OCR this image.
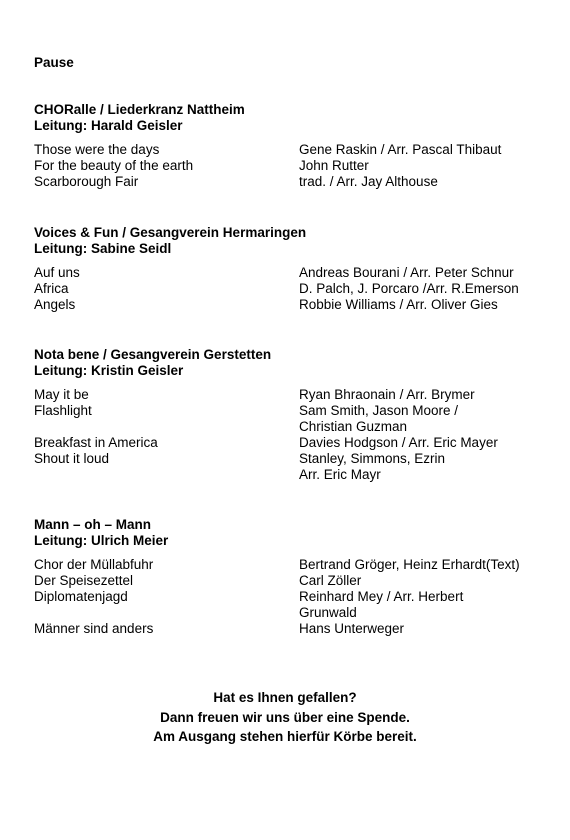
Pause
CHORalle / Liederkranz Nattheim
Leitung: Harald Geisler
Those were the days	Gene Raskin / Arr. Pascal Thibaut
For the beauty of the earth	John Rutter
Scarborough Fair	trad. / Arr. Jay Althouse
Voices & Fun / Gesangverein Hermaringen
Leitung: Sabine Seidl
Auf uns	Andreas Bourani / Arr. Peter Schnur
Africa	D. Palch, J. Porcaro /Arr. R.Emerson
Angels	Robbie Williams / Arr. Oliver Gies
Nota bene / Gesangverein Gerstetten
Leitung: Kristin Geisler
May it be	Ryan Bhraonain / Arr. Brymer
Flashlight	Sam Smith, Jason Moore /
Christian Guzman
Breakfast in America	Davies Hodgson / Arr. Eric Mayer
Shout it loud	Stanley, Simmons, Ezrin
Arr. Eric Mayr
Mann – oh – Mann
Leitung: Ulrich Meier
Chor der Müllabfuhr	Bertrand Gröger, Heinz Erhardt(Text)
Der Speisezettel	Carl Zöller
Diplomatenjagd	Reinhard Mey / Arr. Herbert
Grunwald
Männer sind anders	Hans Unterweger
Hat es Ihnen gefallen?
Dann freuen wir uns über eine Spende.
Am Ausgang stehen hierfür Körbe bereit.
